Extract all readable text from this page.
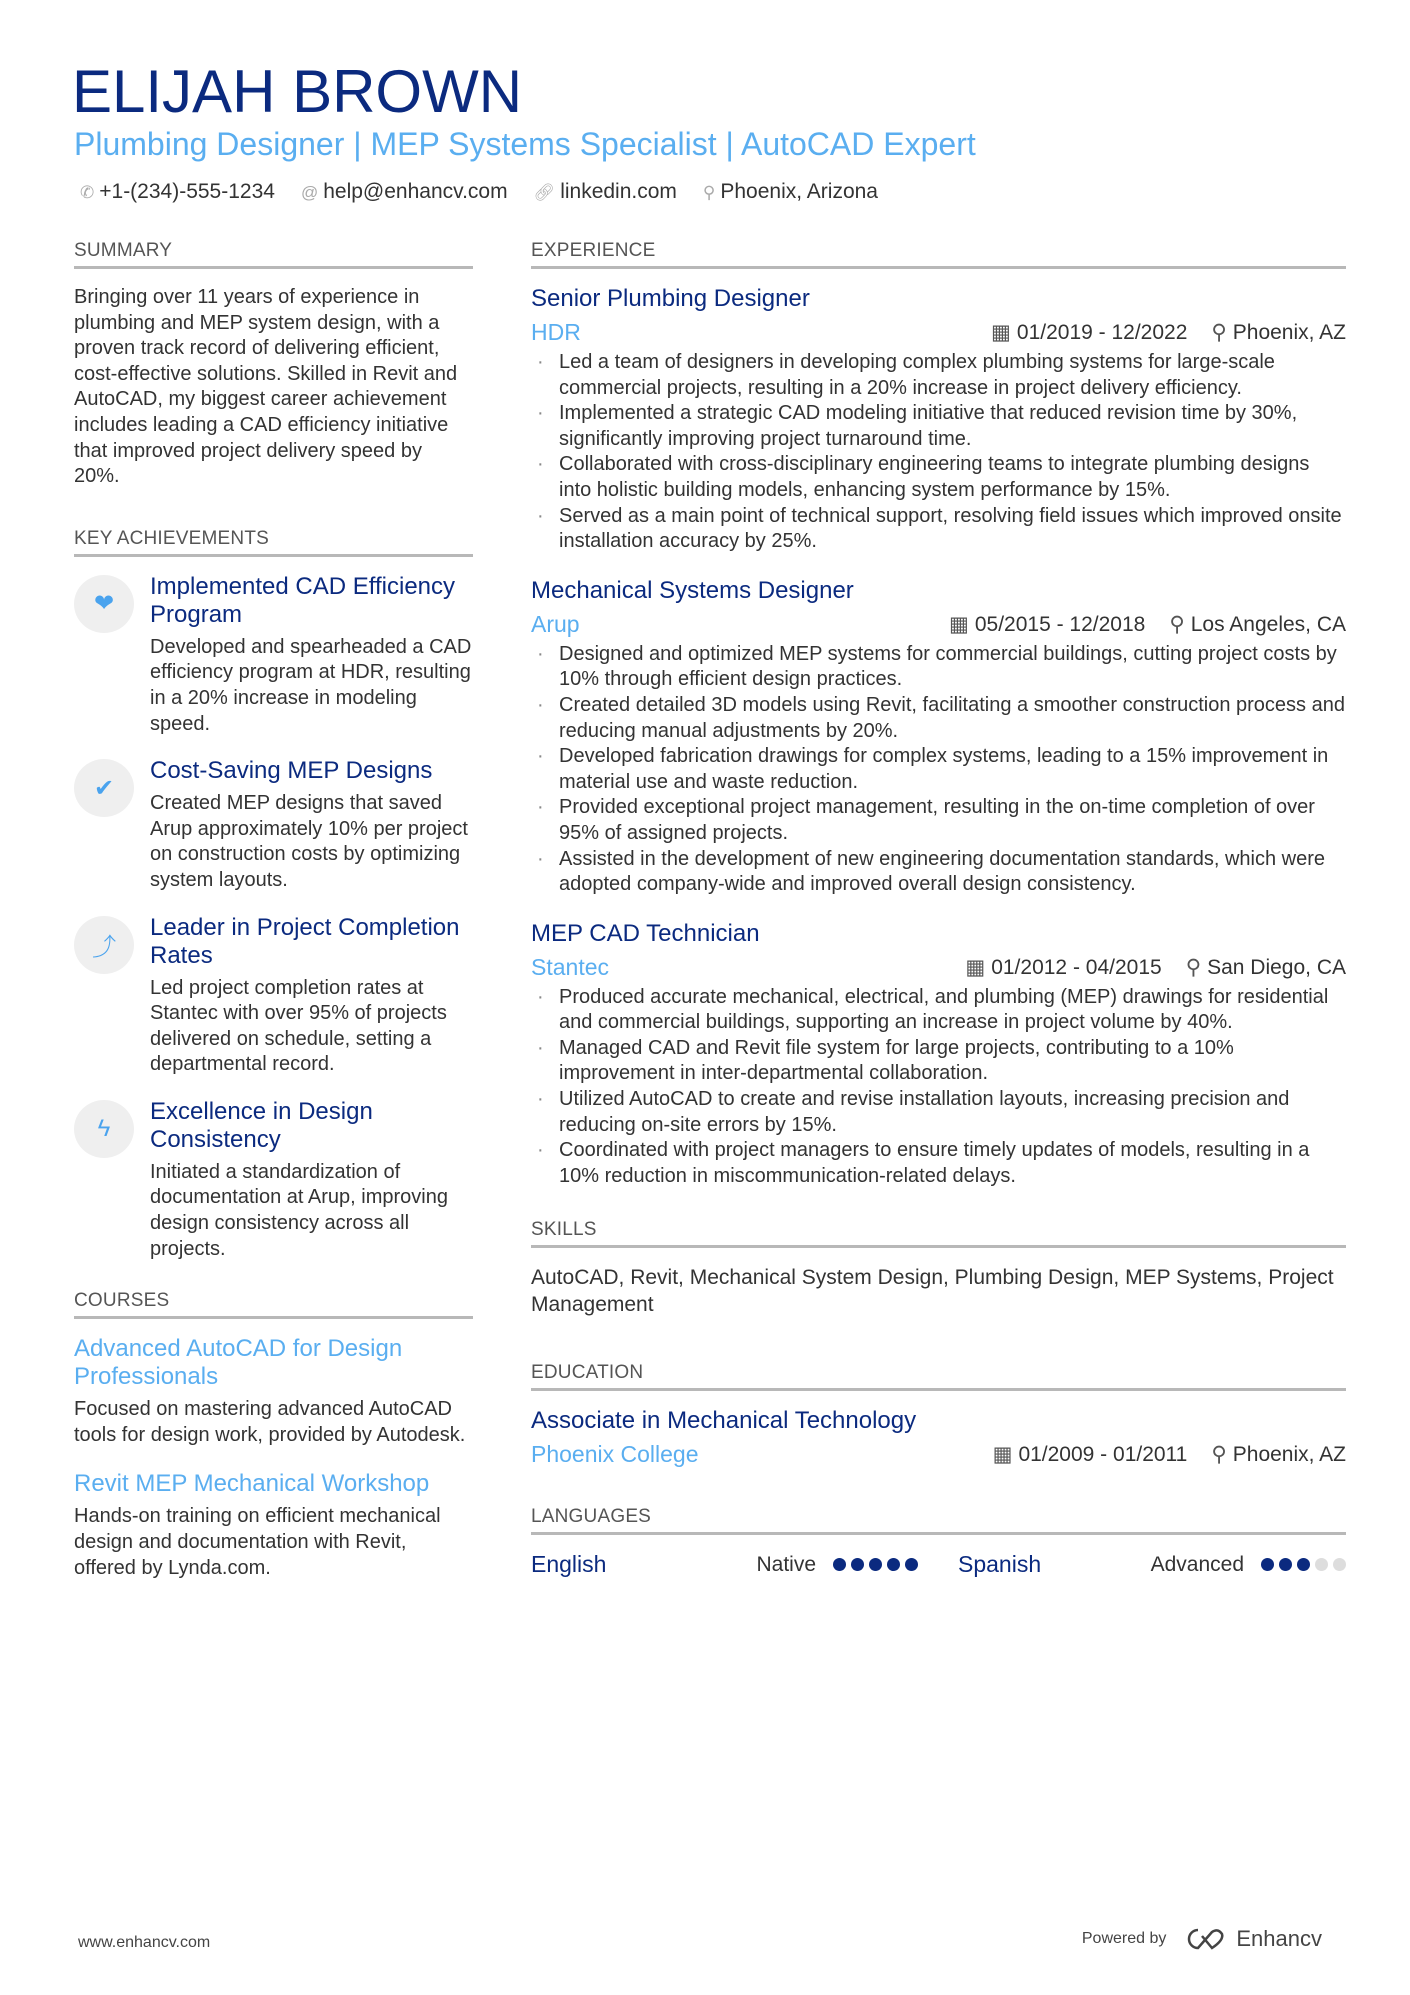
ELIJAH BROWN
Plumbing Designer | MEP Systems Specialist | AutoCAD Expert
✆ +1-(234)-555-1234 @ help@enhancv.com 🔗︎ linkedin.com ⚲ Phoenix, Arizona
SUMMARY
Bringing over 11 years of experience in plumbing and MEP system design, with a proven track record of delivering efficient, cost-effective solutions. Skilled in Revit and AutoCAD, my biggest career achievement includes leading a CAD efficiency initiative that improved project delivery speed by 20%.
KEY ACHIEVEMENTS
❤
Implemented CAD Efficiency Program
Developed and spearheaded a CAD efficiency program at HDR, resulting in a 20% increase in modeling speed.
✔
Cost-Saving MEP Designs
Created MEP designs that saved Arup approximately 10% per project on construction costs by optimizing system layouts.
⤴
Leader in Project Completion Rates
Led project completion rates at Stantec with over 95% of projects delivered on schedule, setting a departmental record.
ϟ
Excellence in Design Consistency
Initiated a standardization of documentation at Arup, improving design consistency across all projects.
COURSES
Advanced AutoCAD for Design Professionals
Focused on mastering advanced AutoCAD tools for design work, provided by Autodesk.
Revit MEP Mechanical Workshop
Hands-on training on efficient mechanical design and documentation with Revit, offered by Lynda.com.
EXPERIENCE
Senior Plumbing Designer
HDR	▦ 01/2019 - 12/2022 ⚲ Phoenix, AZ
· Led a team of designers in developing complex plumbing systems for large-scale commercial projects, resulting in a 20% increase in project delivery efficiency.
· Implemented a strategic CAD modeling initiative that reduced revision time by 30%, significantly improving project turnaround time.
· Collaborated with cross-disciplinary engineering teams to integrate plumbing designs into holistic building models, enhancing system performance by 15%.
· Served as a main point of technical support, resolving field issues which improved onsite installation accuracy by 25%.
Mechanical Systems Designer
Arup	▦ 05/2015 - 12/2018 ⚲ Los Angeles, CA
· Designed and optimized MEP systems for commercial buildings, cutting project costs by 10% through efficient design practices.
· Created detailed 3D models using Revit, facilitating a smoother construction process and reducing manual adjustments by 20%.
· Developed fabrication drawings for complex systems, leading to a 15% improvement in material use and waste reduction.
· Provided exceptional project management, resulting in the on-time completion of over 95% of assigned projects.
· Assisted in the development of new engineering documentation standards, which were adopted company-wide and improved overall design consistency.
MEP CAD Technician
Stantec	▦ 01/2012 - 04/2015 ⚲ San Diego, CA
· Produced accurate mechanical, electrical, and plumbing (MEP) drawings for residential and commercial buildings, supporting an increase in project volume by 40%.
· Managed CAD and Revit file system for large projects, contributing to a 10% improvement in inter-departmental collaboration.
· Utilized AutoCAD to create and revise installation layouts, increasing precision and reducing on-site errors by 15%.
· Coordinated with project managers to ensure timely updates of models, resulting in a 10% reduction in miscommunication-related delays.
SKILLS
AutoCAD, Revit, Mechanical System Design, Plumbing Design, MEP Systems, Project Management
EDUCATION
Associate in Mechanical Technology
Phoenix College	▦ 01/2009 - 01/2011 ⚲ Phoenix, AZ
LANGUAGES
English	Native	Spanish	Advanced
www.enhancv.com	Powered by	Enhancv
